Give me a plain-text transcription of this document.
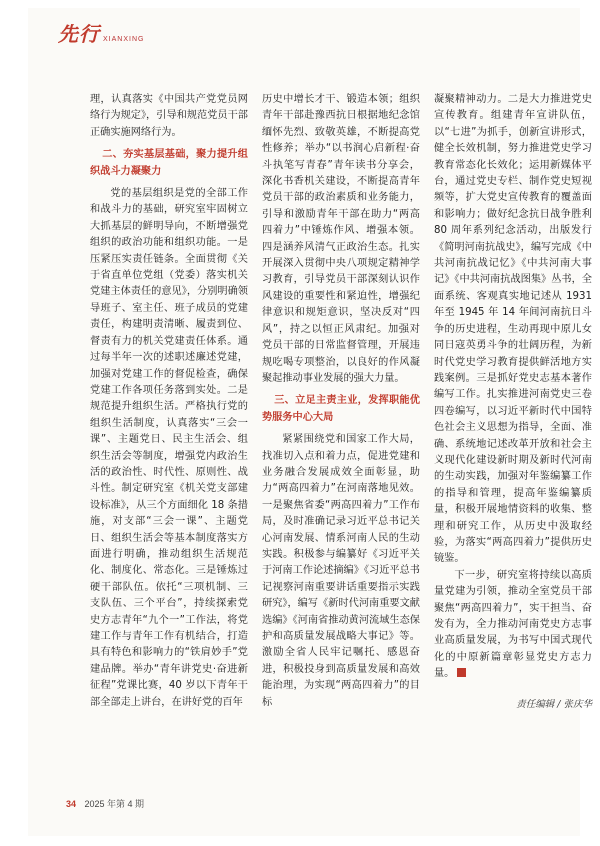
先行 XIANXING

理，认真落实《中国共产党党员网络行为规定》，引导和规范党员干部正确实施网络行为。

二、夯实基层基础，聚力提升组织战斗力凝聚力

党的基层组织是党的全部工作和战斗力的基础，研究室牢固树立大抓基层的鲜明导向，不断增强党组织的政治功能和组织功能。一是压紧压实责任链条。全面贯彻《关于省直单位党组（党委）落实机关党建主体责任的意见》，分别明确领导班子、室主任、班子成员的党建责任，构建明责清晰、履责到位、督责有力的机关党建责任体系。通过每半年一次的述职述廉述党建，加强对党建工作的督促检查，确保党建工作各项任务落到实处。二是规范提升组织生活。严格执行党的组织生活制度，认真落实“三会一课”、主题党日、民主生活会、组织生活会等制度，增强党内政治生活的政治性、时代性、原则性、战斗性。制定研究室《机关党支部建设标准》，从三个方面细化 18 条措施，对支部“三会一课”、主题党日、组织生活会等基本制度落实方面进行明确，推动组织生活规范化、制度化、常态化。三是锤炼过硬干部队伍。依托“三项机制、三支队伍、三个平台”，持续探索党史方志青年“九个一”工作法，将党建工作与青年工作有机结合，打造具有特色和影响力的“铁肩妙手”党建品牌。举办“青年讲党史·奋进新征程”党课比赛，40 岁以下青年干部全部走上讲台，在讲好党的百年

历史中增长才干、锻造本领；组织青年干部赴豫西抗日根据地纪念馆缅怀先烈、致敬英雄，不断提高党性修养；举办“以书润心启新程·奋斗执笔写青春”青年读书分享会，深化书香机关建设，不断提高青年党员干部的政治素质和业务能力，引导和激励青年干部在助力“两高四着力”中锤炼作风、增强本领。四是涵养风清气正政治生态。扎实开展深入贯彻中央八项规定精神学习教育，引导党员干部深刻认识作风建设的重要性和紧迫性，增强纪律意识和规矩意识，坚决反对“四风”，持之以恒正风肃纪。加强对党员干部的日常监督管理，开展违规吃喝专项整治，以良好的作风凝聚起推动事业发展的强大力量。

三、立足主责主业，发挥职能优势服务中心大局

紧紧围绕党和国家工作大局，找准切入点和着力点，促进党建和业务融合发展成效全面彰显，助力“两高四着力”在河南落地见效。一是聚焦省委“两高四着力”工作布局，及时准确记录习近平总书记关心河南发展、情系河南人民的生动实践。积极参与编纂好《习近平关于河南工作论述摘编》《习近平总书记视察河南重要讲话重要指示实践研究》，编写《新时代河南重要文献选编》《河南省推动黄河流域生态保护和高质量发展战略大事记》等。激励全省人民牢记嘱托、感恩奋进，积极投身到高质量发展和高效能治理，为实现“两高四着力”的目标

凝聚精神动力。二是大力推进党史宣传教育。组建青年宣讲队伍，以“七进”为抓手，创新宣讲形式，健全长效机制，努力推进党史学习教育常态化长效化；运用新媒体平台，通过党史专栏、制作党史短视频等，扩大党史宣传教育的覆盖面和影响力；做好纪念抗日战争胜利 80 周年系列纪念活动，出版发行《简明河南抗战史》，编写完成《中共河南抗战记忆》《中共河南大事记》《中共河南抗战图集》丛书，全面系统、客观真实地记述从 1931 年至 1945 年 14 年间河南抗日斗争的历史进程，生动再现中原儿女同日寇英勇斗争的壮阔历程，为新时代党史学习教育提供鲜活地方实践案例。三是抓好党史志基本著作编写工作。扎实推进河南党史三卷四卷编写，以习近平新时代中国特色社会主义思想为指导，全面、准确、系统地记述改革开放和社会主义现代化建设新时期及新时代河南的生动实践，加强对年鉴编纂工作的指导和管理，提高年鉴编纂质量，积极开展地情资料的收集、整理和研究工作，从历史中汲取经验，为落实“两高四着力”提供历史镜鉴。

下一步，研究室将持续以高质量党建为引领，推动全室党员干部聚焦“两高四着力”，实干担当、奋发有为，全力推动河南党史方志事业高质量发展，为书写中国式现代化的中原新篇章彰显党史方志力量。

责任编辑 / 张庆华
34 2025 年第 4 期
